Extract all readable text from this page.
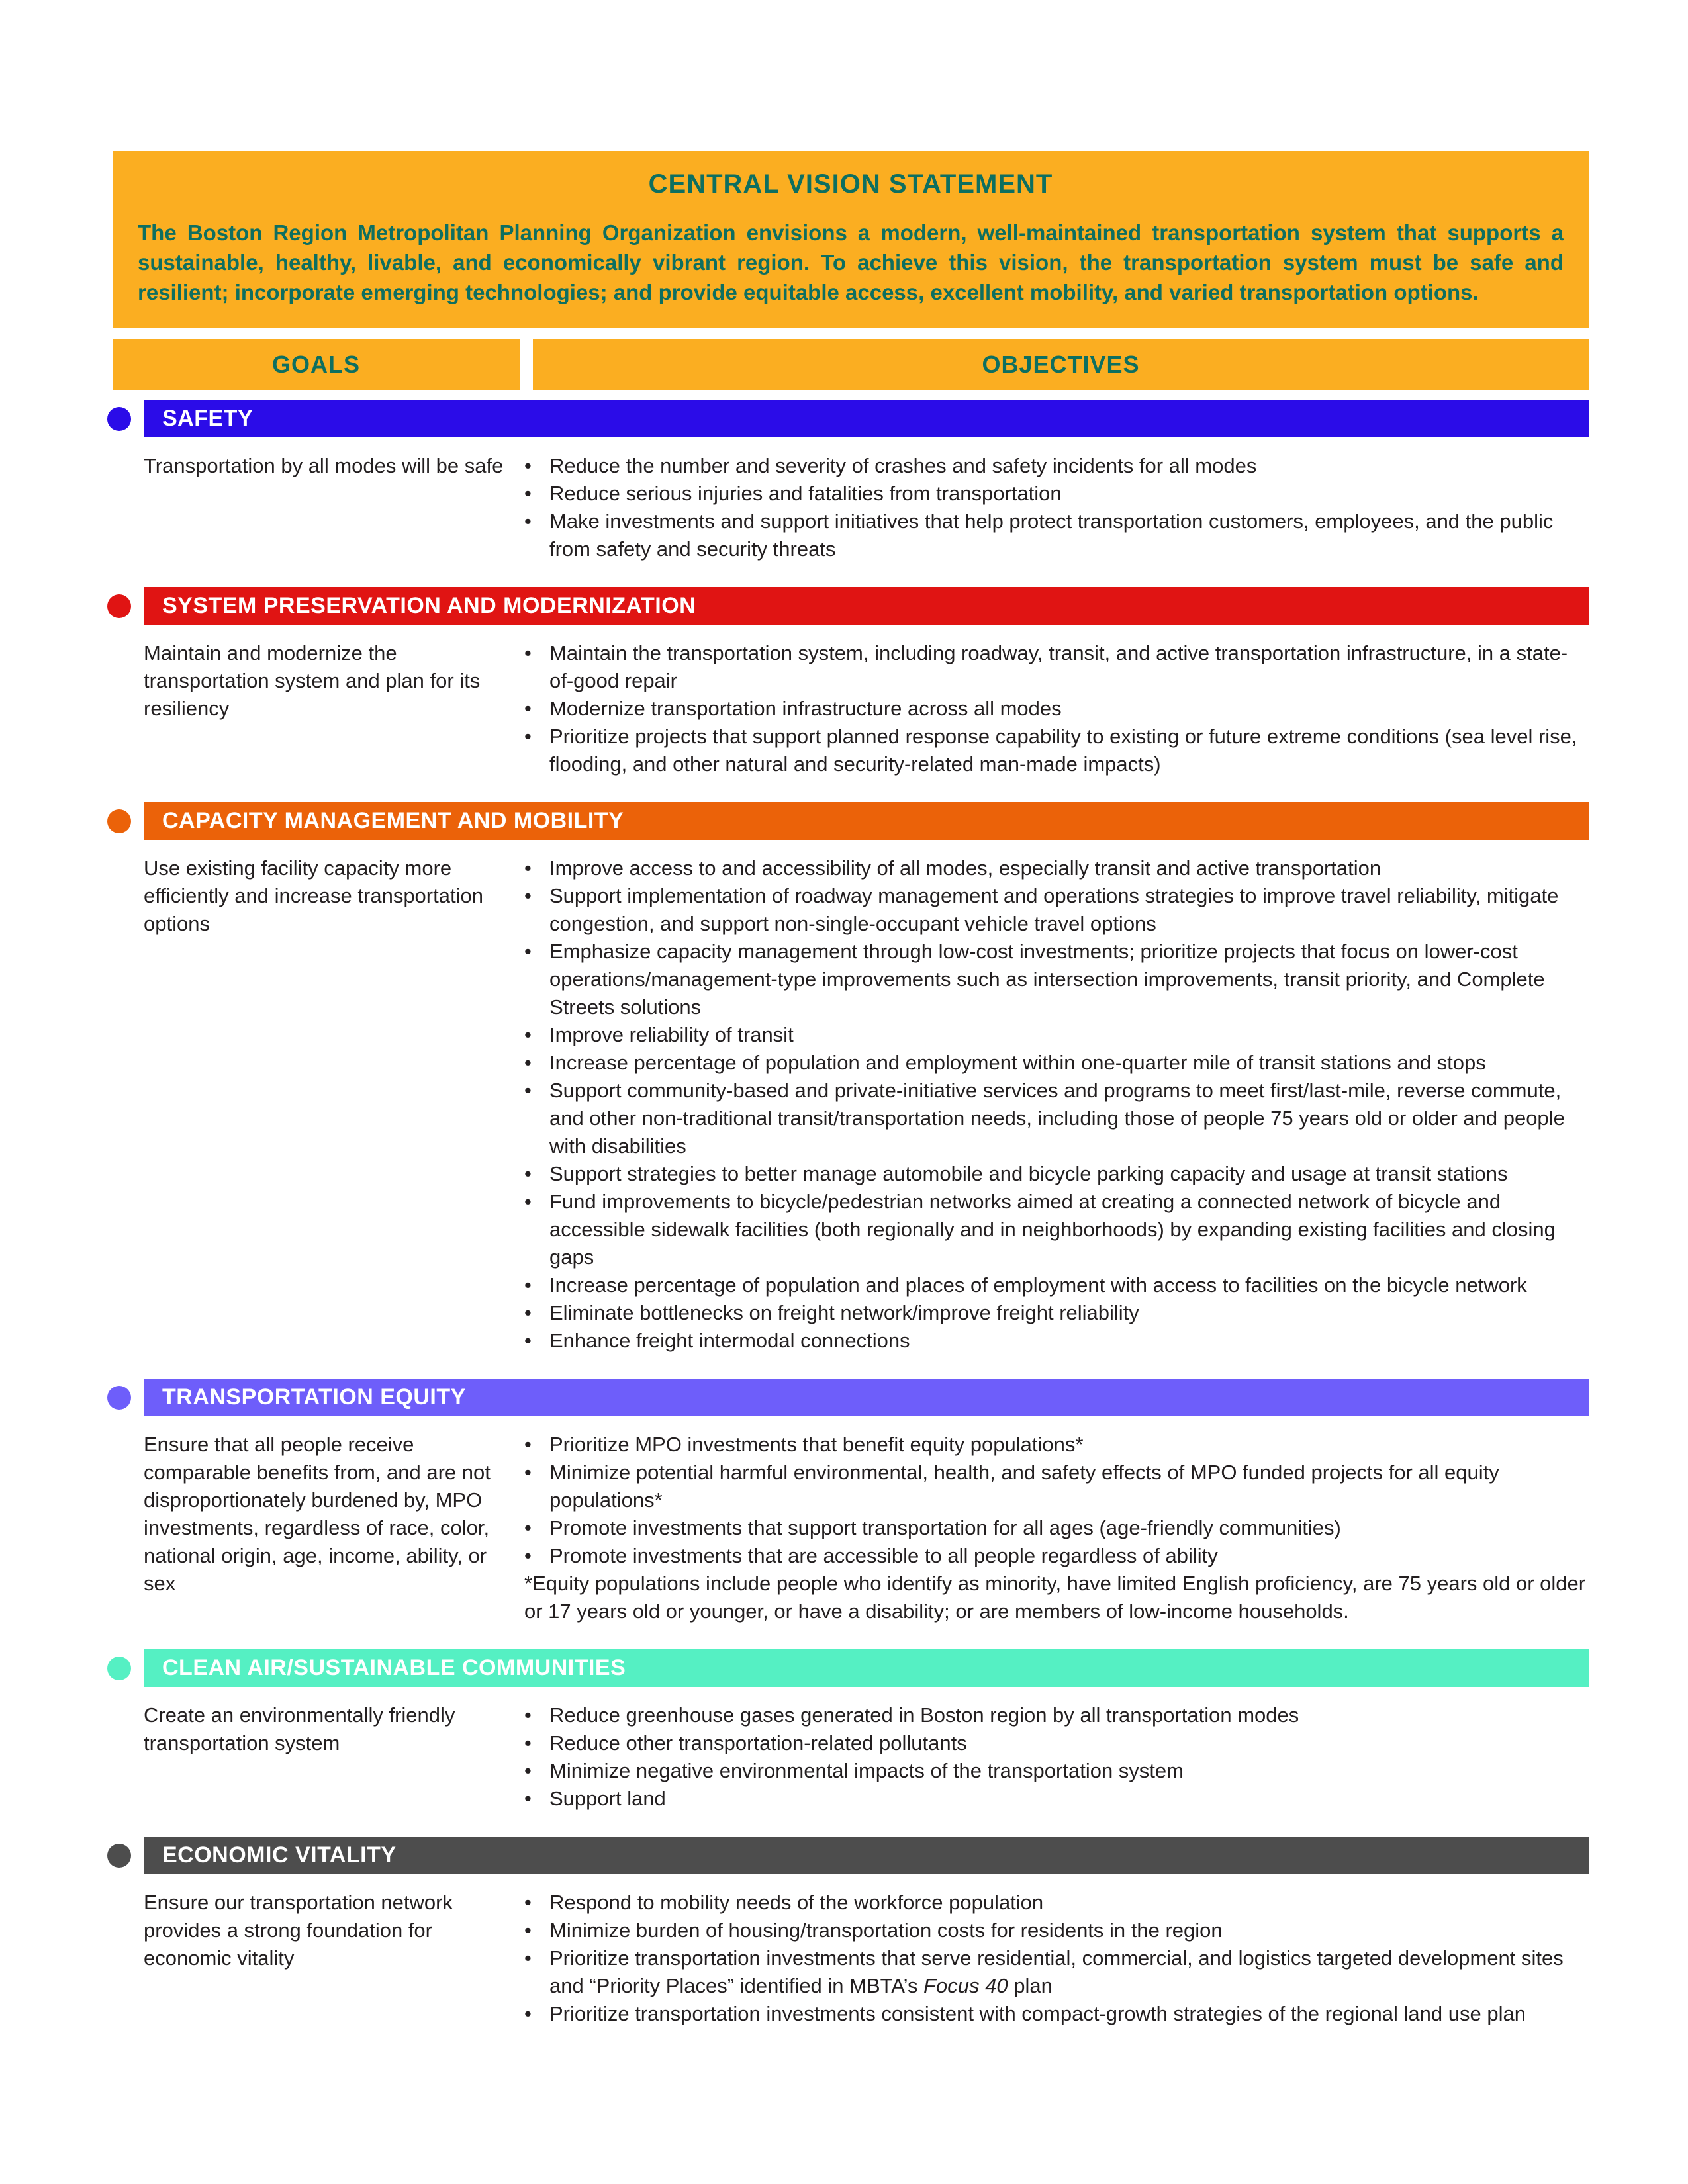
CENTRAL VISION STATEMENT
The Boston Region Metropolitan Planning Organization envisions a modern, well-maintained transportation system that supports a sustainable, healthy, livable, and economically vibrant region. To achieve this vision, the transportation system must be safe and resilient; incorporate emerging technologies; and provide equitable access, excellent mobility, and varied transportation options.
GOALS	OBJECTIVES
SAFETY
Transportation by all modes will be safe • Reduce the number and severity of crashes and safety incidents for all modes
• Reduce serious injuries and fatalities from transportation
• Make investments and support initiatives that help protect transportation customers, employees, and the public from safety and security threats
SYSTEM PRESERVATION AND MODERNIZATION
Maintain and modernize the transportation system and plan for its resiliency
• Maintain the transportation system, including roadway, transit, and active transportation infrastructure, in a state-of-good repair
• Modernize transportation infrastructure across all modes
• Prioritize projects that support planned response capability to existing or future extreme conditions (sea level rise, flooding, and other natural and security-related man-made impacts)
CAPACITY MANAGEMENT AND MOBILITY
Use existing facility capacity more efficiently and increase transportation options
• Improve access to and accessibility of all modes, especially transit and active transportation
• Support implementation of roadway management and operations strategies to improve travel reliability, mitigate congestion, and support non-single-occupant vehicle travel options
• Emphasize capacity management through low-cost investments; prioritize projects that focus on lower-cost operations/management-type improvements such as intersection improvements, transit priority, and Complete Streets solutions
• Improve reliability of transit
• Increase percentage of population and employment within one-quarter mile of transit stations and stops
• Support community-based and private-initiative services and programs to meet first/last-mile, reverse commute, and other non-traditional transit/transportation needs, including those of people 75 years old or older and people with disabilities
• Support strategies to better manage automobile and bicycle parking capacity and usage at transit stations
• Fund improvements to bicycle/pedestrian networks aimed at creating a connected network of bicycle and accessible sidewalk facilities (both regionally and in neighborhoods) by expanding existing facilities and closing gaps
• Increase percentage of population and places of employment with access to facilities on the bicycle network
• Eliminate bottlenecks on freight network/improve freight reliability
• Enhance freight intermodal connections
TRANSPORTATION EQUITY
Ensure that all people receive comparable benefits from, and are not disproportionately burdened by, MPO investments, regardless of race, color, national origin, age, income, ability, or sex
• Prioritize MPO investments that benefit equity populations*
• Minimize potential harmful environmental, health, and safety effects of MPO funded projects for all equity populations*
• Promote investments that support transportation for all ages (age-friendly communities)
• Promote investments that are accessible to all people regardless of ability
*Equity populations include people who identify as minority, have limited English proficiency, are 75 years old or older or 17 years old or younger, or have a disability; or are members of low-income households.
CLEAN AIR/SUSTAINABLE COMMUNITIES
Create an environmentally friendly transportation system
• Reduce greenhouse gases generated in Boston region by all transportation modes
• Reduce other transportation-related pollutants
• Minimize negative environmental impacts of the transportation system
• Support land
ECONOMIC VITALITY
Ensure our transportation network provides a strong foundation for economic vitality
• Respond to mobility needs of the workforce population
• Minimize burden of housing/transportation costs for residents in the region
• Prioritize transportation investments that serve residential, commercial, and logistics targeted development sites and “Priority Places” identified in MBTA’s Focus 40 plan
• Prioritize transportation investments consistent with compact-growth strategies of the regional land use plan
